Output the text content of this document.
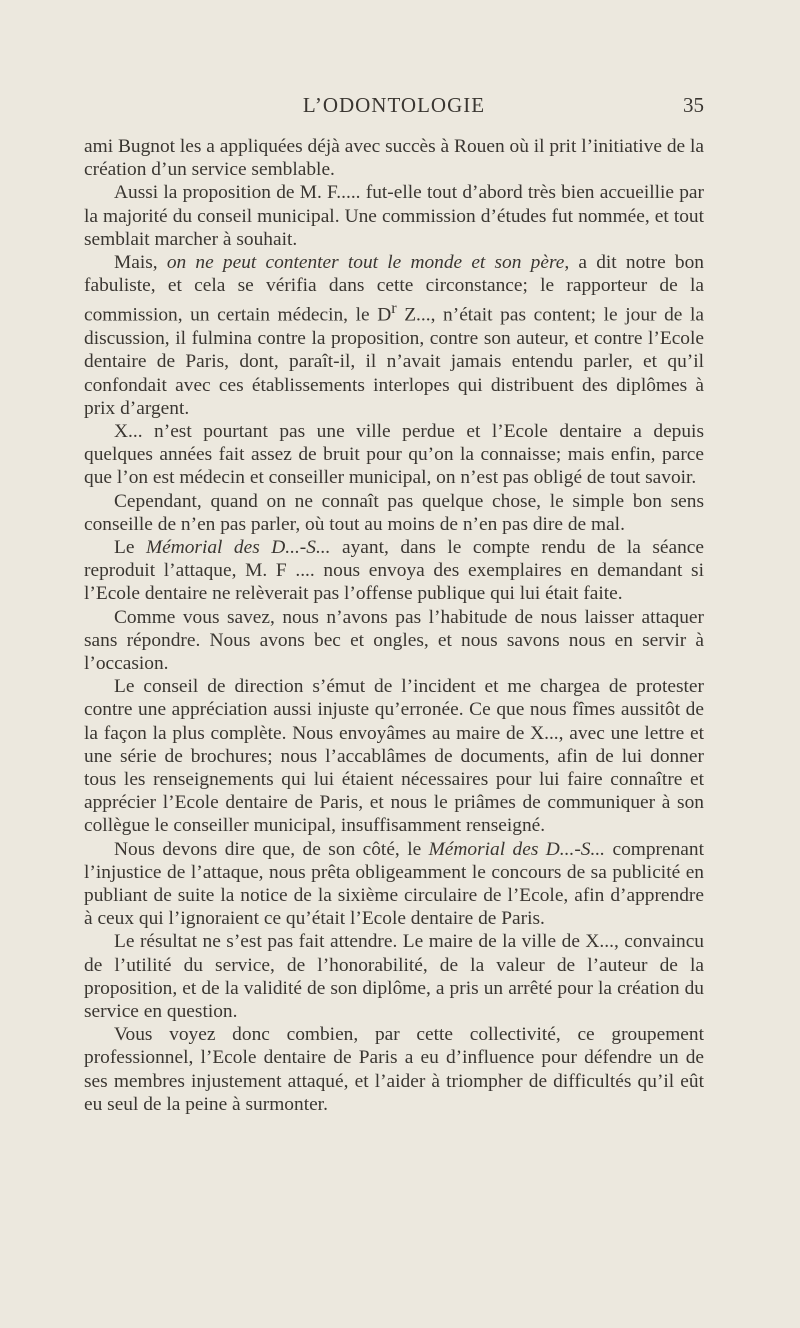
L’ODONTOLOGIE	35

ami Bugnot les a appliquées déjà avec succès à Rouen où il prit l’initiative de la création d’un service semblable.

Aussi la proposition de M. F..... fut-elle tout d’abord très bien accueillie par la majorité du conseil municipal. Une commission d’études fut nommée, et tout semblait marcher à souhait.

Mais, on ne peut contenter tout le monde et son père, a dit notre bon fabuliste, et cela se vérifia dans cette circonstance; le rapporteur de la commission, un certain médecin, le $D^r$ Z..., n’était pas content; le jour de la discussion, il fulmina contre la proposition, contre son auteur, et contre l’Ecole dentaire de Paris, dont, paraît-il, il n’avait jamais entendu parler, et qu’il confondait avec ces établissements interlopes qui distribuent des diplômes à prix d’argent.

X... n’est pourtant pas une ville perdue et l’Ecole dentaire a depuis quelques années fait assez de bruit pour qu’on la connaisse; mais enfin, parce que l’on est médecin et conseiller municipal, on n’est pas obligé de tout savoir.

Cependant, quand on ne connaît pas quelque chose, le simple bon sens conseille de n’en pas parler, où tout au moins de n’en pas dire de mal.

Le Mémorial des D...-S... ayant, dans le compte rendu de la séance reproduit l’attaque, M. F .... nous envoya des exemplaires en demandant si l’Ecole dentaire ne relèverait pas l’offense publique qui lui était faite.

Comme vous savez, nous n’avons pas l’habitude de nous laisser attaquer sans répondre. Nous avons bec et ongles, et nous savons nous en servir à l’occasion.

Le conseil de direction s’émut de l’incident et me chargea de protester contre une appréciation aussi injuste qu’erronée. Ce que nous fîmes aussitôt de la façon la plus complète. Nous envoyâmes au maire de X..., avec une lettre et une série de brochures; nous l’accablâmes de documents, afin de lui donner tous les renseignements qui lui étaient nécessaires pour lui faire connaître et apprécier l’Ecole dentaire de Paris, et nous le priâmes de communiquer à son collègue le conseiller municipal, insuffisamment renseigné.

Nous devons dire que, de son côté, le Mémorial des D...-S... comprenant l’injustice de l’attaque, nous prêta obligeamment le concours de sa publicité en publiant de suite la notice de la sixième circulaire de l’Ecole, afin d’apprendre à ceux qui l’ignoraient ce qu’était l’Ecole dentaire de Paris.

Le résultat ne s’est pas fait attendre. Le maire de la ville de X..., convaincu de l’utilité du service, de l’honorabilité, de la valeur de l’auteur de la proposition, et de la validité de son diplôme, a pris un arrêté pour la création du service en question.

Vous voyez donc combien, par cette collectivité, ce groupement professionnel, l’Ecole dentaire de Paris a eu d’influence pour défendre un de ses membres injustement attaqué, et l’aider à triompher de difficultés qu’il eût eu seul de la peine à surmonter.
